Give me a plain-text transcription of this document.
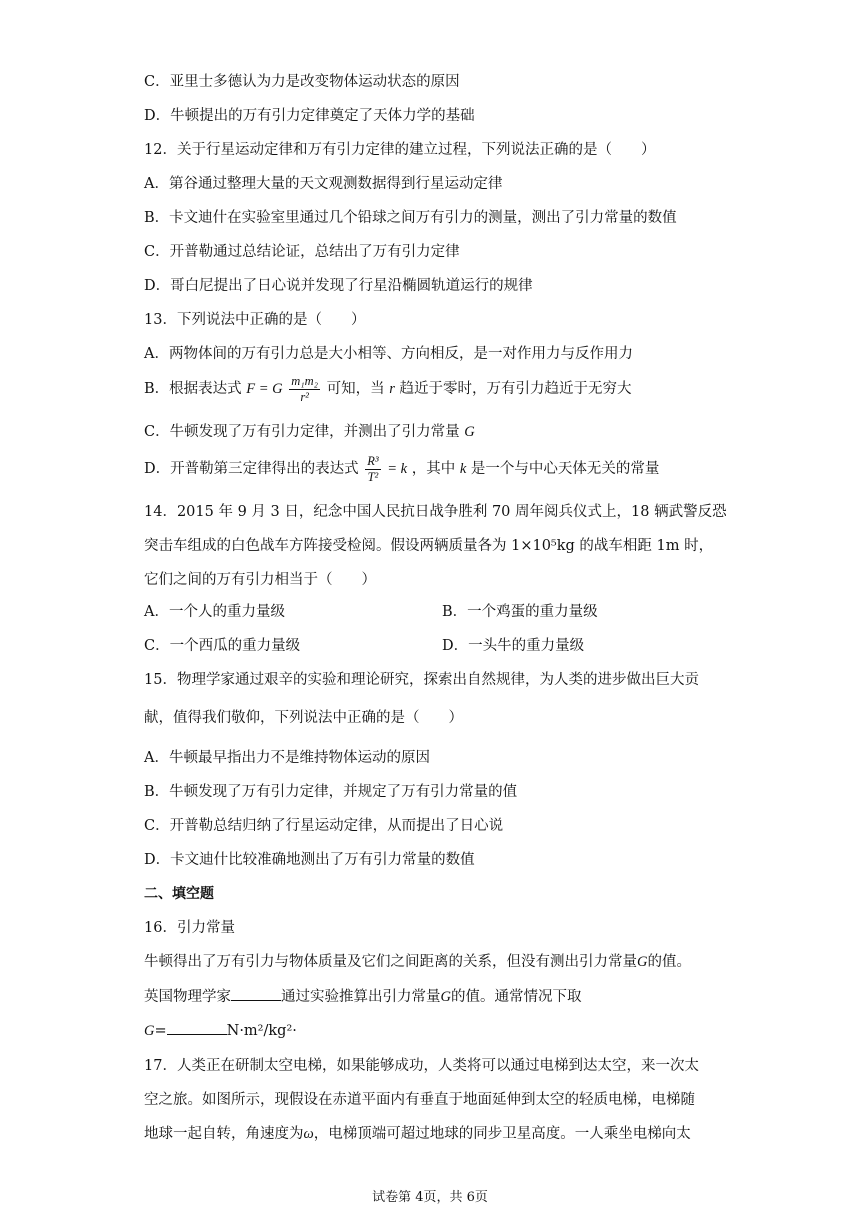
C．亚里士多德认为力是改变物体运动状态的原因
D．牛顿提出的万有引力定律奠定了天体力学的基础
12．关于行星运动定律和万有引力定律的建立过程，下列说法正确的是（　　）
A．第谷通过整理大量的天文观测数据得到行星运动定律
B．卡文迪什在实验室里通过几个铅球之间万有引力的测量，测出了引力常量的数值
C．开普勒通过总结论证，总结出了万有引力定律
D．哥白尼提出了日心说并发现了行星沿椭圆轨道运行的规律
13．下列说法中正确的是（　　）
A．两物体间的万有引力总是大小相等、方向相反，是一对作用力与反作用力
B．根据表达式 F = G $\frac{\text{m₁m₂}}{\text{r²}}$ 可知，当 r 趋近于零时，万有引力趋近于无穷大
C．牛顿发现了万有引力定律，并测出了引力常量 G
D．开普勒第三定律得出的表达式 $\frac{\text{R³}}{\text{T²}} = k$ ，其中 k 是一个与中心天体无关的常量
14．2015 年 9 月 3 日，纪念中国人民抗日战争胜利 70 周年阅兵仪式上，18 辆武警反恐
突击车组成的白色战车方阵接受检阅。假设两辆质量各为 1×10⁵kg 的战车相距 1m 时，
它们之间的万有引力相当于（　　）
A．一个人的重力量级	B．一个鸡蛋的重力量级
C．一个西瓜的重力量级	D．一头牛的重力量级
15．物理学家通过艰辛的实验和理论研究，探索出自然规律，为人类的进步做出巨大贡
献，值得我们敬仰，下列说法中正确的是（　　）
A．牛顿最早指出力不是维持物体运动的原因
B．牛顿发现了万有引力定律，并规定了万有引力常量的值
C．开普勒总结归纳了行星运动定律，从而提出了日心说
D．卡文迪什比较准确地测出了万有引力常量的数值
二、填空题
16．引力常量
牛顿得出了万有引力与物体质量及它们之间距离的关系，但没有测出引力常量G的值。
英国物理学家	通过实验推算出引力常量G的值。通常情况下取
G=	N·m²/kg²·
17．人类正在研制太空电梯，如果能够成功，人类将可以通过电梯到达太空，来一次太
空之旅。如图所示，现假设在赤道平面内有垂直于地面延伸到太空的轻质电梯，电梯随
地球一起自转，角速度为ω，电梯顶端可超过地球的同步卫星高度。一人乘坐电梯向太
试卷第 4页，共 6页
